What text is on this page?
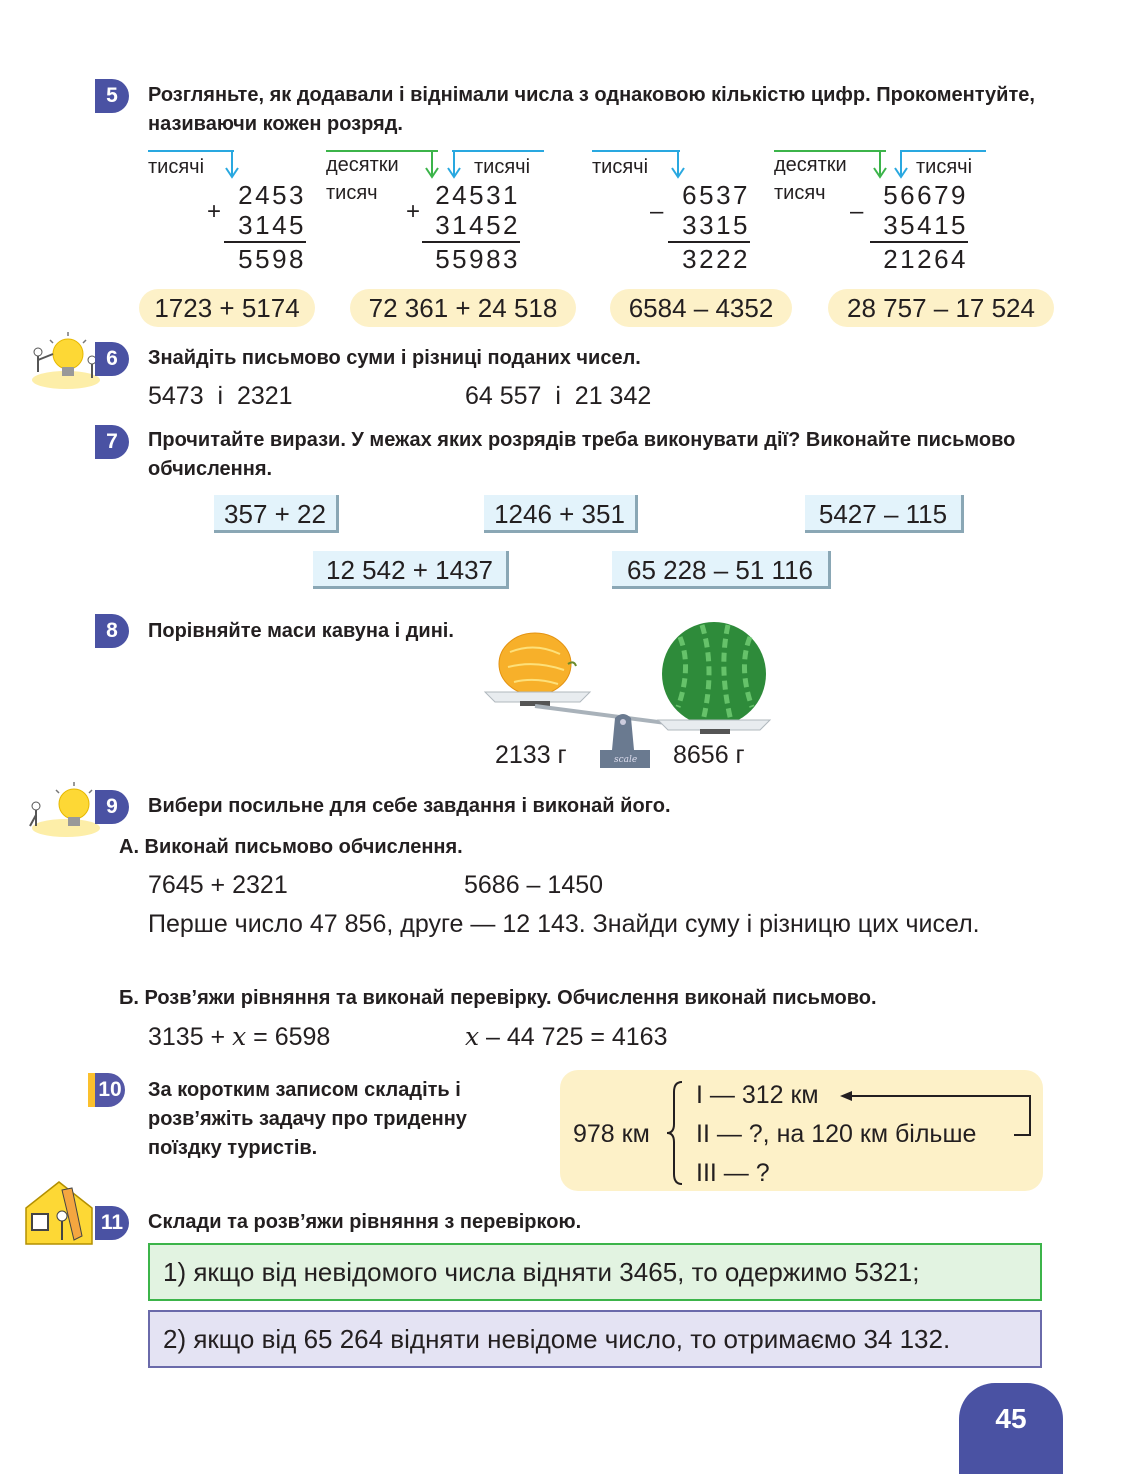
5	Розгляньте, як додавали і віднімали числа з однаковою кількістю цифр. Прокоментуйте, називаючи кожен розряд.
тисячі
2453
+ 3145
5598
десятки
тисяч
тисячі
24531
+ 31452
55983
тисячі
6537
– 3315
3222
десятки
тисяч
тисячі
56679
– 35415
21264
1723 + 5174	72 361 + 24 518	6584 – 4352	28 757 – 17 524
6	Знайдіть письмово суми і різниці поданих чисел.
5473  і  2321	64 557  і  21 342
7	Прочитайте вирази. У межах яких розрядів треба виконувати дії? Виконайте письмово обчислення.
357 + 22	1246 + 351	5427 – 115
12 542 + 1437	65 228 – 51 116
8	Порівняйте маси кавуна і дині.
scale
2133 г	8656 г
9	Вибери посильне для себе завдання і виконай його.
А. Виконай письмово обчислення.
7645 + 2321	5686 – 1450
Перше число 47 856, друге — 12 143. Знайди суму і різницю цих чисел.
Б. Розв’яжи рівняння та виконай перевірку. Обчислення виконай письмово.
3135 + x = 6598	x – 44 725 = 4163
10 За коротким записом складіть і розв’яжіть задачу про триденну поїздку туристів.	978 км
І — 312 км
ІІ — ?, на 120 км більше
ІІІ — ?
11 Склади та розв’яжи рівняння з перевіркою.
1) якщо від невідомого числа відняти 3465, то одержимо 5321;
2) якщо від 65 264 відняти невідоме число, то отримаємо 34 132.
45
